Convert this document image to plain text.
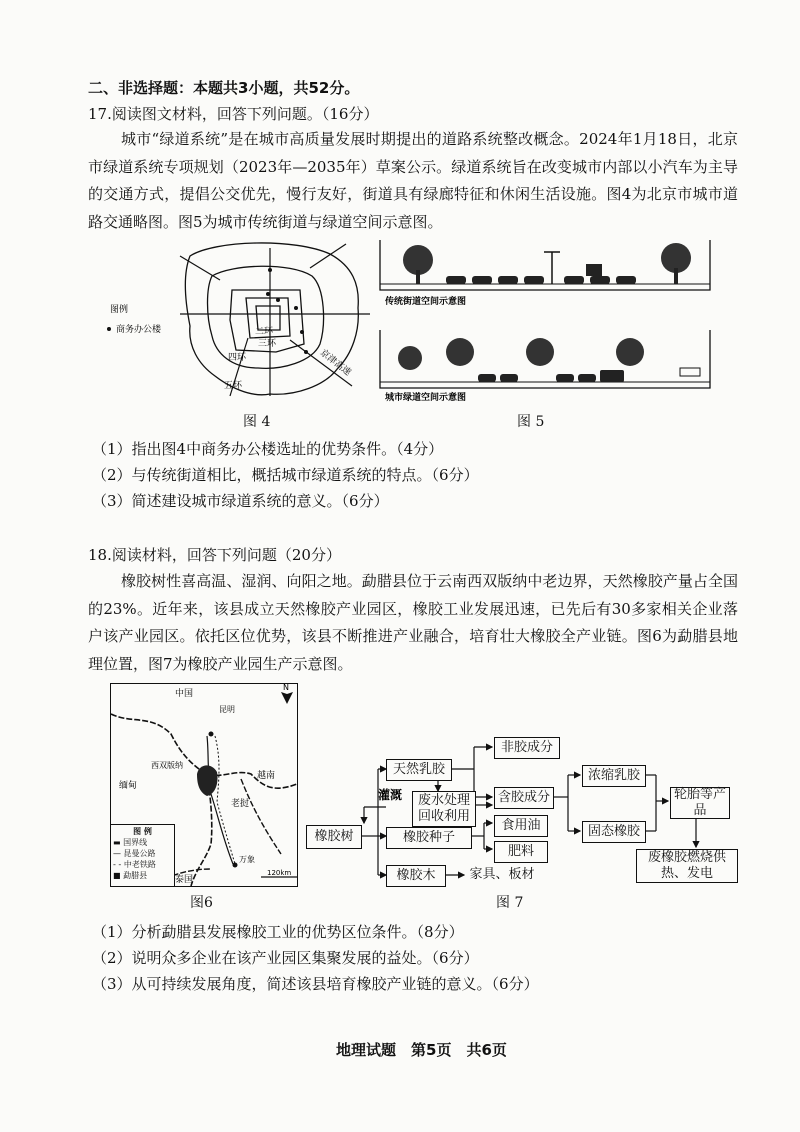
二、非选择题：本题共3小题，共52分。
17.阅读图文材料，回答下列问题。（16分）
城市“绿道系统”是在城市高质量发展时期提出的道路系统整改概念。2024年1月18日，北京市绿道系统专项规划（2023年—2035年）草案公示。绿道系统旨在改变城市内部以小汽车为主导的交通方式，提倡公交优先，慢行友好，街道具有绿廊特征和休闲生活设施。图4为北京市城市道路交通略图。图5为城市传统街道与绿道空间示意图。
图例
商务办公楼	二环
三环
四环
五环
京津高速
图 4
传统街道空间示意图
城市绿道空间示意图
图 5
（1）指出图4中商务办公楼选址的优势条件。（4分）
（2）与传统街道相比，概括城市绿道系统的特点。（6分）
（3）简述建设城市绿道系统的意义。（6分）
18.阅读材料，回答下列问题（20分）
橡胶树性喜高温、湿润、向阳之地。勐腊县位于云南西双版纳中老边界，天然橡胶产量占全国的23%。近年来，该县成立天然橡胶产业园区，橡胶工业发展迅速，已先后有30多家相关企业落户该产业园区。依托区位优势，该县不断推进产业融合，培育壮大橡胶全产业链。图6为勐腊县地理位置，图7为橡胶产业园生产示意图。
N
中国
昆明
西双版纳
缅甸
越南
老挝
万象
泰国
120km
图 例
▬ 国界线
— 昆曼公路
- - 中老铁路
■ 勐腊县
图6
灌溉
橡胶树
天然乳胶
废水处理回收利用
橡胶种子
橡胶木
非胶成分
含胶成分
食用油
肥料
家具、板材
浓缩乳胶
固态橡胶
轮胎等产品
废橡胶燃烧供热、发电
图 7
（1）分析勐腊县发展橡胶工业的优势区位条件。（8分）
（2）说明众多企业在该产业园区集聚发展的益处。（6分）
（3）从可持续发展角度，简述该县培育橡胶产业链的意义。（6分）
地理试题　第5页　共6页
